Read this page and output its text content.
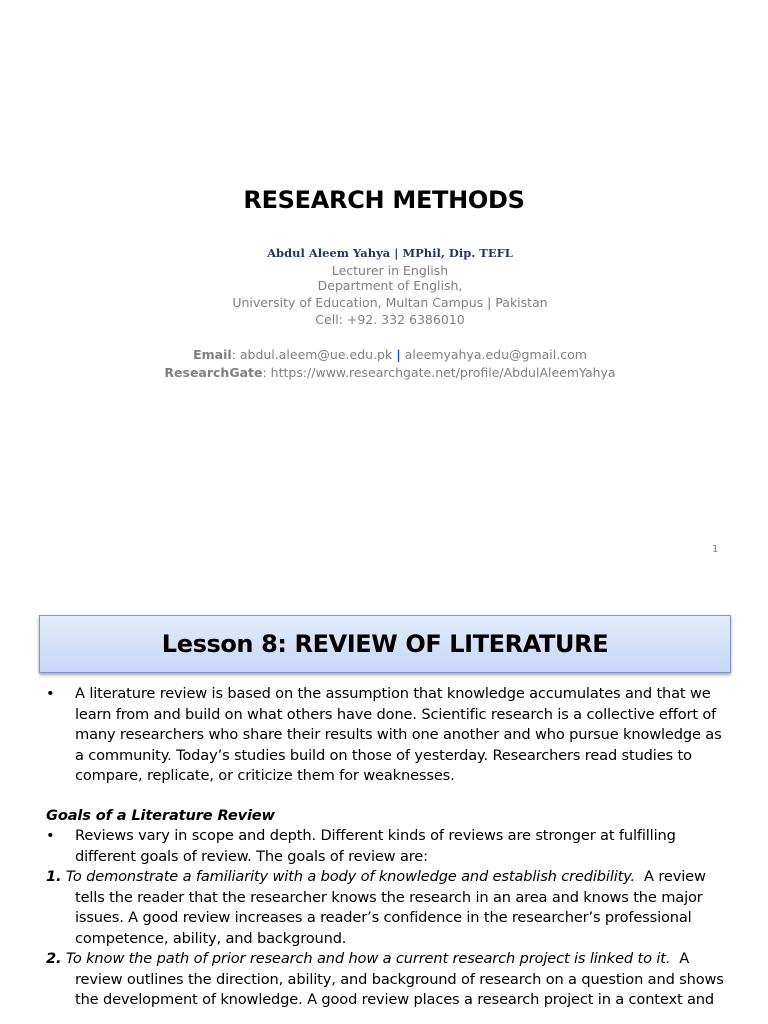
RESEARCH METHODS
Abdul Aleem Yahya | MPhil, Dip. TEFL
Lecturer in English
Department of English,
University of Education, Multan Campus | Pakistan
Cell: +92. 332 6386010
Email: abdul.aleem@ue.edu.pk | aleemyahya.edu@gmail.com
ResearchGate: https://www.researchgate.net/profile/AbdulAleemYahya
1
Lesson 8: REVIEW OF LITERATURE
• A literature review is based on the assumption that knowledge accumulates and that we learn from and build on what others have done. Scientific research is a collective effort of many researchers who share their results with one another and who pursue knowledge as a community. Today’s studies build on those of yesterday. Researchers read studies to compare, replicate, or criticize them for weaknesses.
Goals of a Literature Review
• Reviews vary in scope and depth. Different kinds of reviews are stronger at fulfilling different goals of review. The goals of review are:
1. To demonstrate a familiarity with a body of knowledge and establish credibility. A review tells the reader that the researcher knows the research in an area and knows the major issues. A good review increases a reader’s confidence in the researcher’s professional competence, ability, and background.
2. To know the path of prior research and how a current research project is linked to it. A review outlines the direction, ability, and background of research on a question and shows the development of knowledge. A good review places a research project in a context and
